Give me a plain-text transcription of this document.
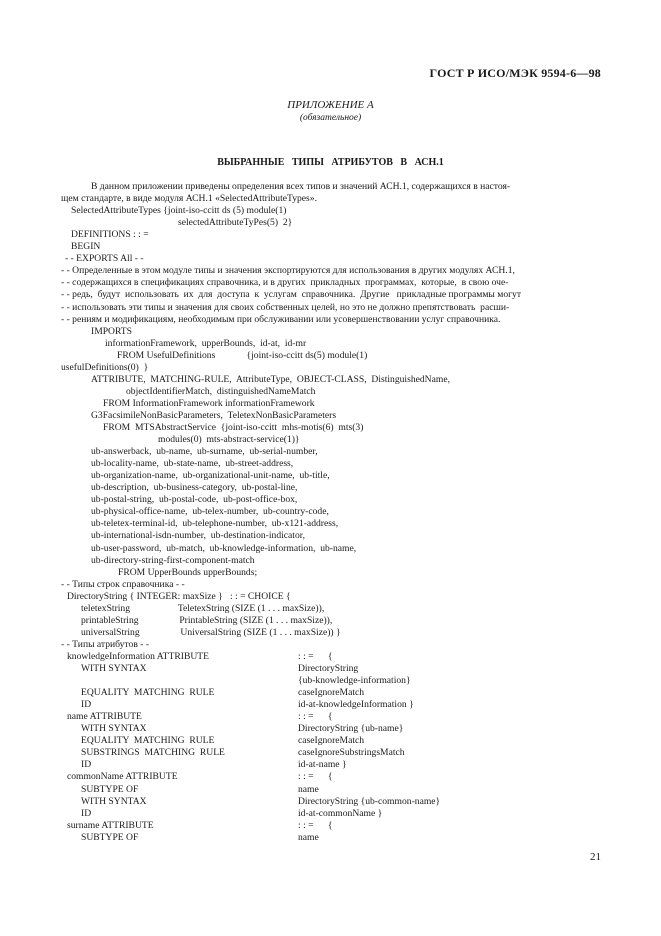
ГОСТ Р ИСО/МЭК 9594-6—98
ПРИЛОЖЕНИЕ А
(обязательное)
ВЫБРАННЫЕ ТИПЫ АТРИБУТОВ В АСН.1
В данном приложении приведены определения всех типов и значений АСН.1, содержащихся в настоя-
щем стандарте, в виде модуля АСН.1 «SelectedAttributeTypes».
SelectedAttributeTypes {joint-iso-ccitt ds (5) module(1)
selectedAttributeTyPes(5)  2}
DEFINITIONS : : =
BEGIN
- - EXPORTS All - -
- - Определенные в этом модуле типы и значения экспортируются для использования в других модулях АСН.1,
- - содержащихся в спецификациях справочника, и в других  прикладных  программах,  которые,  в свою оче-
- - редь,  будут  использовать  их  для  доступа  к  услугам  справочника.  Другие   прикладные программы могут
- - использовать эти типы и значения для своих собственных целей, но это не должно препятствовать  расши-
- - рениям и модификациям, необходимым при обслуживании или усовершенствовании услуг справочника.
IMPORTS
informationFramework,  upperBounds,  id-at,  id-mr
FROM UsefulDefinitions             {joint-iso-ccitt ds(5) module(1)
usefulDefinitions(0)  }
ATTRIBUTE,  MATCHING-RULE,  AttributeType,  OBJECT-CLASS,  DistinguishedName,
objectIdentifierMatch,  distinguishedNameMatch
FROM InformationFramework informationFramework
G3FacsimileNonBasicParameters,  TeletexNonBasicParameters
FROM  MTSAbstractService  {joint-iso-ccitt  mhs-motis(6)  mts(3)
modules(0)  mts-abstract-service(1)}
ub-answerback,  ub-name,  ub-surname,  ub-serial-number,
ub-locality-name,  ub-state-name,  ub-street-address,
ub-organization-name,  ub-organizational-unit-name,  ub-title,
ub-description,  ub-business-category,  ub-postal-line,
ub-postal-string,  ub-postal-code,  ub-post-office-box,
ub-physical-office-name,  ub-telex-number,  ub-country-code,
ub-teletex-terminal-id,  ub-telephone-number,  ub-x121-address,
ub-international-isdn-number,  ub-destination-indicator,
ub-user-password,  ub-match,  ub-knowledge-information,  ub-name,
ub-directory-string-first-component-match
FROM UpperBounds upperBounds;
- - Типы строк справочника - -
DirectoryString { INTEGER: maxSize }   : : = CHOICE {
teletexString                    TeletexString (SIZE (1 . . . maxSize)),
printableString                 PrintableString (SIZE (1 . . . maxSize)),
universalString                 UniversalString (SIZE (1 . . . maxSize)) }
- - Типы атрибутов - -
knowledgeInformation ATTRIBUTE	: : =      {
WITH SYNTAX	DirectoryString
{ub-knowledge-information}
EQUALITY  MATCHING  RULE	caseIgnoreMatch
ID	id-at-knowledgeInformation }
name ATTRIBUTE	: : =      {
WITH SYNTAX	DirectoryString {ub-name}
EQUALITY  MATCHING  RULE	caseIgnoreMatch
SUBSTRINGS  MATCHING  RULE	caseIgnoreSubstringsMatch
ID	id-at-name }
commonName ATTRIBUTE	: : =      {
SUBTYPE OF	name
WITH SYNTAX	DirectoryString {ub-common-name}
ID	id-at-commonName }
surname ATTRIBUTE	: : =      {
SUBTYPE OF	name
21
